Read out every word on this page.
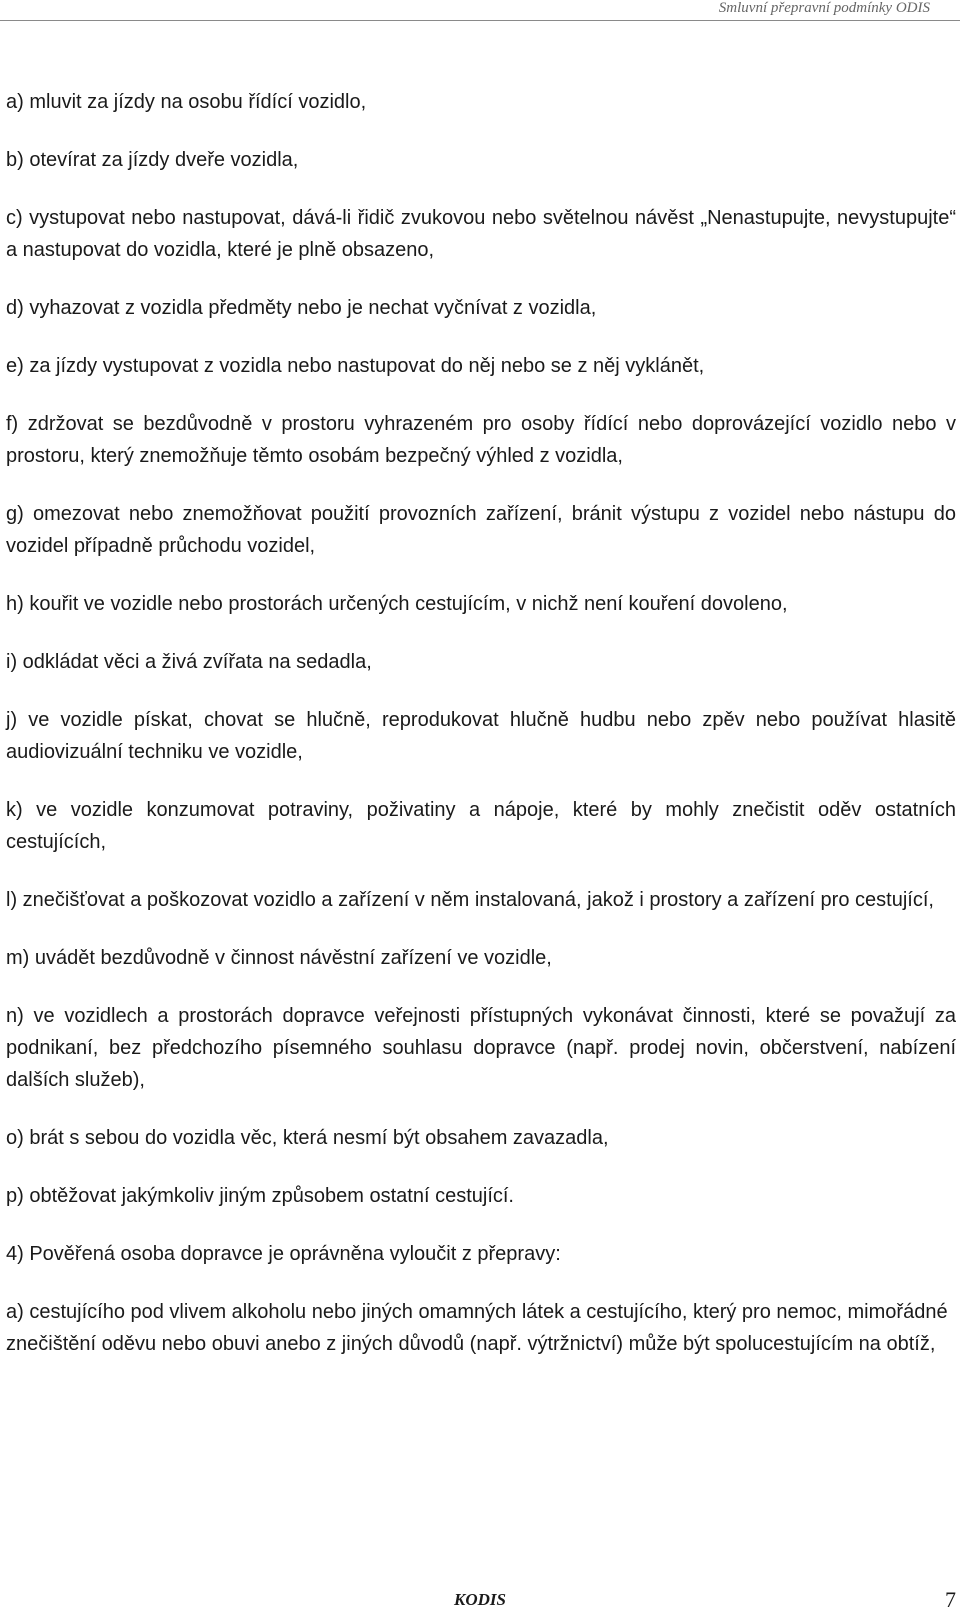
Smluvní přepravní podmínky ODIS

a) mluvit za jízdy na osobu řídící vozidlo,

b) otevírat za jízdy dveře vozidla,

c) vystupovat nebo nastupovat, dává-li řidič zvukovou nebo světelnou návěst „Nenastupujte, nevystupujte“ a nastupovat do vozidla, které je plně obsazeno,

d) vyhazovat z vozidla předměty nebo je nechat vyčnívat z vozidla,

e) za jízdy vystupovat z vozidla nebo nastupovat do něj nebo se z něj vyklánět,

f) zdržovat se bezdůvodně v prostoru vyhrazeném pro osoby řídící nebo doprovázející vozidlo nebo v prostoru, který znemožňuje těmto osobám bezpečný výhled z vozidla,

g) omezovat nebo znemožňovat použití provozních zařízení, bránit výstupu z vozidel nebo nástupu do vozidel případně průchodu vozidel,

h) kouřit ve vozidle nebo prostorách určených cestujícím, v nichž není kouření dovoleno,

i) odkládat věci a živá zvířata na sedadla,

j) ve vozidle pískat, chovat se hlučně, reprodukovat hlučně hudbu nebo zpěv nebo používat hlasitě audiovizuální techniku ve vozidle,

k) ve vozidle konzumovat potraviny, poživatiny a nápoje, které by mohly znečistit oděv ostatních cestujících,

l) znečišťovat a poškozovat vozidlo a zařízení v něm instalovaná, jakož i prostory a zařízení pro cestující,

m) uvádět bezdůvodně v činnost návěstní zařízení ve vozidle,

n) ve vozidlech a prostorách dopravce veřejnosti přístupných vykonávat činnosti, které se považují za podnikaní, bez předchozího písemného souhlasu dopravce (např. prodej novin, občerstvení, nabízení dalších služeb),

o) brát s sebou do vozidla věc, která nesmí být obsahem zavazadla,

p) obtěžovat jakýmkoliv jiným způsobem ostatní cestující.

4) Pověřená osoba dopravce je oprávněna vyloučit z přepravy:

a) cestujícího pod vlivem alkoholu nebo jiných omamných látek a cestujícího, který pro nemoc, mimořádné znečištění oděvu nebo obuvi anebo z jiných důvodů (např. výtržnictví) může být spolucestujícím na obtíž,

KODIS	7
